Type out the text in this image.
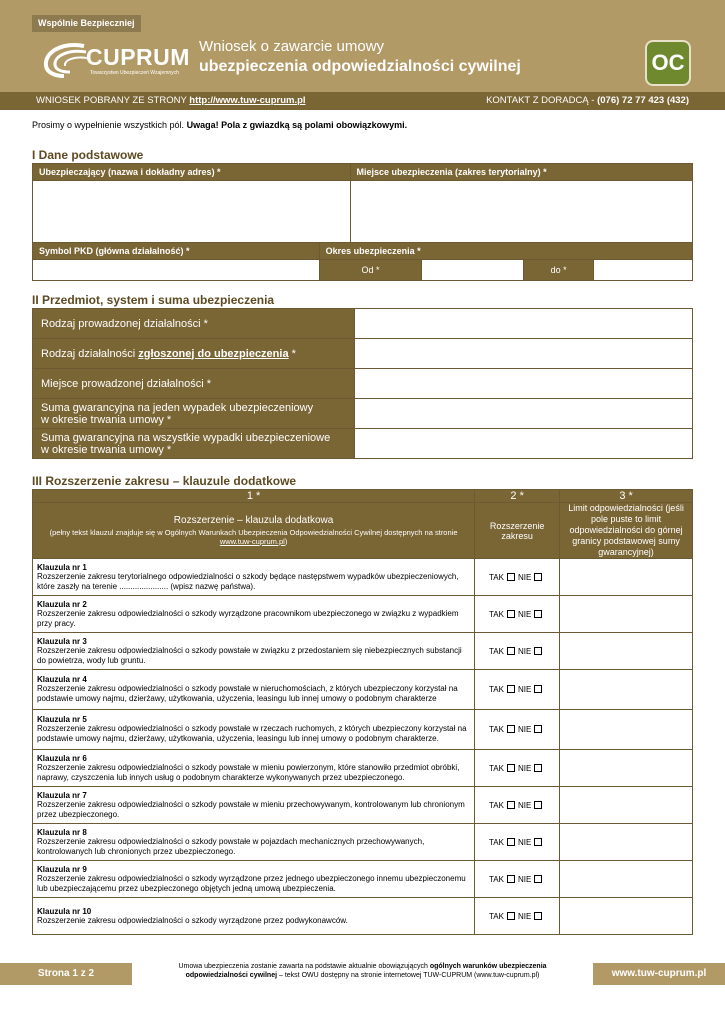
Wspólnie Bezpieczniej
CUPRUM
Towarzystwo Ubezpieczeń Wzajemnych
Wniosek o zawarcie umowy
ubezpieczenia odpowiedzialności cywilnej	OC
WNIOSEK POBRANY ZE STRONY http://www.tuw-cuprum.pl	KONTAKT Z DORADCĄ - (076) 72 77 423 (432)
Prosimy o wypełnienie wszystkich pól. Uwaga! Pola z gwiazdką są polami obowiązkowymi.
I Dane podstawowe
Ubezpieczający (nazwa i dokładny adres) *		Miejsce ubezpieczenia (zakres terytorialny) *			

Symbol PKD (główna działalność) *	Okres ubezpieczenia *				
	Od *			do *	
II Przedmiot, system i suma ubezpieczenia
Rodzaj prowadzonej działalności *	
Rodzaj działalności zgłoszonej do ubezpieczenia *	
Miejsce prowadzonej działalności *	

Suma gwarancyjna na jeden wypadek ubezpieczeniowy
w okresie trwania umowy *	

Suma gwarancyjna na wszystkie wypadki ubezpieczeniowe
w okresie trwania umowy *	

III Rozszerzenie zakresu – klauzule dodatkowe
1 *	2 *	3 *

Rozszerzenie – klauzula dodatkowa
(pełny tekst klauzul znajduje się w Ogólnych Warunkach Ubezpieczenia Odpowiedzialności Cywilnej dostępnych na stronie www.tuw-cuprum.pl)	Rozszerzenie zakresu	Limit odpowiedzialności (jeśli pole puste to limit odpowiedzialności do górnej granicy podstawowej sumy gwarancyjnej)

Klauzula nr 1
Rozszerzenie zakresu terytorialnego odpowiedzialności o szkody będące następstwem wypadków ubezpieczeniowych, które zaszły na terenie ...................... (wpisz nazwę państwa).	TAK NIE	

Klauzula nr 2
Rozszerzenie zakresu odpowiedzialności o szkody wyrządzone pracownikom ubezpieczonego w związku z wypadkiem przy pracy.	TAK NIE	

Klauzula nr 3
Rozszerzenie zakresu odpowiedzialności o szkody powstałe w związku z przedostaniem się niebezpiecznych substancji do powietrza, wody lub gruntu.	TAK NIE	

Klauzula nr 4
Rozszerzenie zakresu odpowiedzialności o szkody powstałe w nieruchomościach, z których ubezpieczony korzystał na podstawie umowy najmu, dzierżawy, użytkowania, użyczenia, leasingu lub innej umowy o podobnym charakterze	TAK NIE	

Klauzula nr 5
Rozszerzenie zakresu odpowiedzialności o szkody powstałe w rzeczach ruchomych, z których ubezpieczony korzystał na podstawie umowy najmu, dzierżawy, użytkowania, użyczenia, leasingu lub innej umowy o podobnym charakterze.	TAK NIE	

Klauzula nr 6
Rozszerzenie zakresu odpowiedzialności o szkody powstałe w mieniu powierzonym, które stanowiło przedmiot obróbki, naprawy, czyszczenia lub innych usług o podobnym charakterze wykonywanych przez ubezpieczonego.	TAK NIE	

Klauzula nr 7
Rozszerzenie zakresu odpowiedzialności o szkody powstałe w mieniu przechowywanym, kontrolowanym lub chronionym przez ubezpieczonego.	TAK NIE	

Klauzula nr 8
Rozszerzenie zakresu odpowiedzialności o szkody powstałe w pojazdach mechanicznych przechowywanych, kontrolowanych lub chronionych przez ubezpieczonego.	TAK NIE	

Klauzula nr 9
Rozszerzenie zakresu odpowiedzialności o szkody wyrządzone przez jednego ubezpieczonego innemu ubezpieczonemu lub ubezpieczającemu przez ubezpieczonego objętych jedną umową ubezpieczenia.	TAK NIE	

Klauzula nr 10
Rozszerzenie zakresu odpowiedzialności o szkody wyrządzone przez podwykonawców.	TAK NIE	
Strona 1 z 2
Umowa ubezpieczenia zostanie zawarta na podstawie aktualnie obowiązujących ogólnych warunków ubezpieczenia odpowiedzialności cywilnej – tekst OWU dostępny na stronie internetowej TUW-CUPRUM (www.tuw-cuprum.pl)	www.tuw-cuprum.pl
